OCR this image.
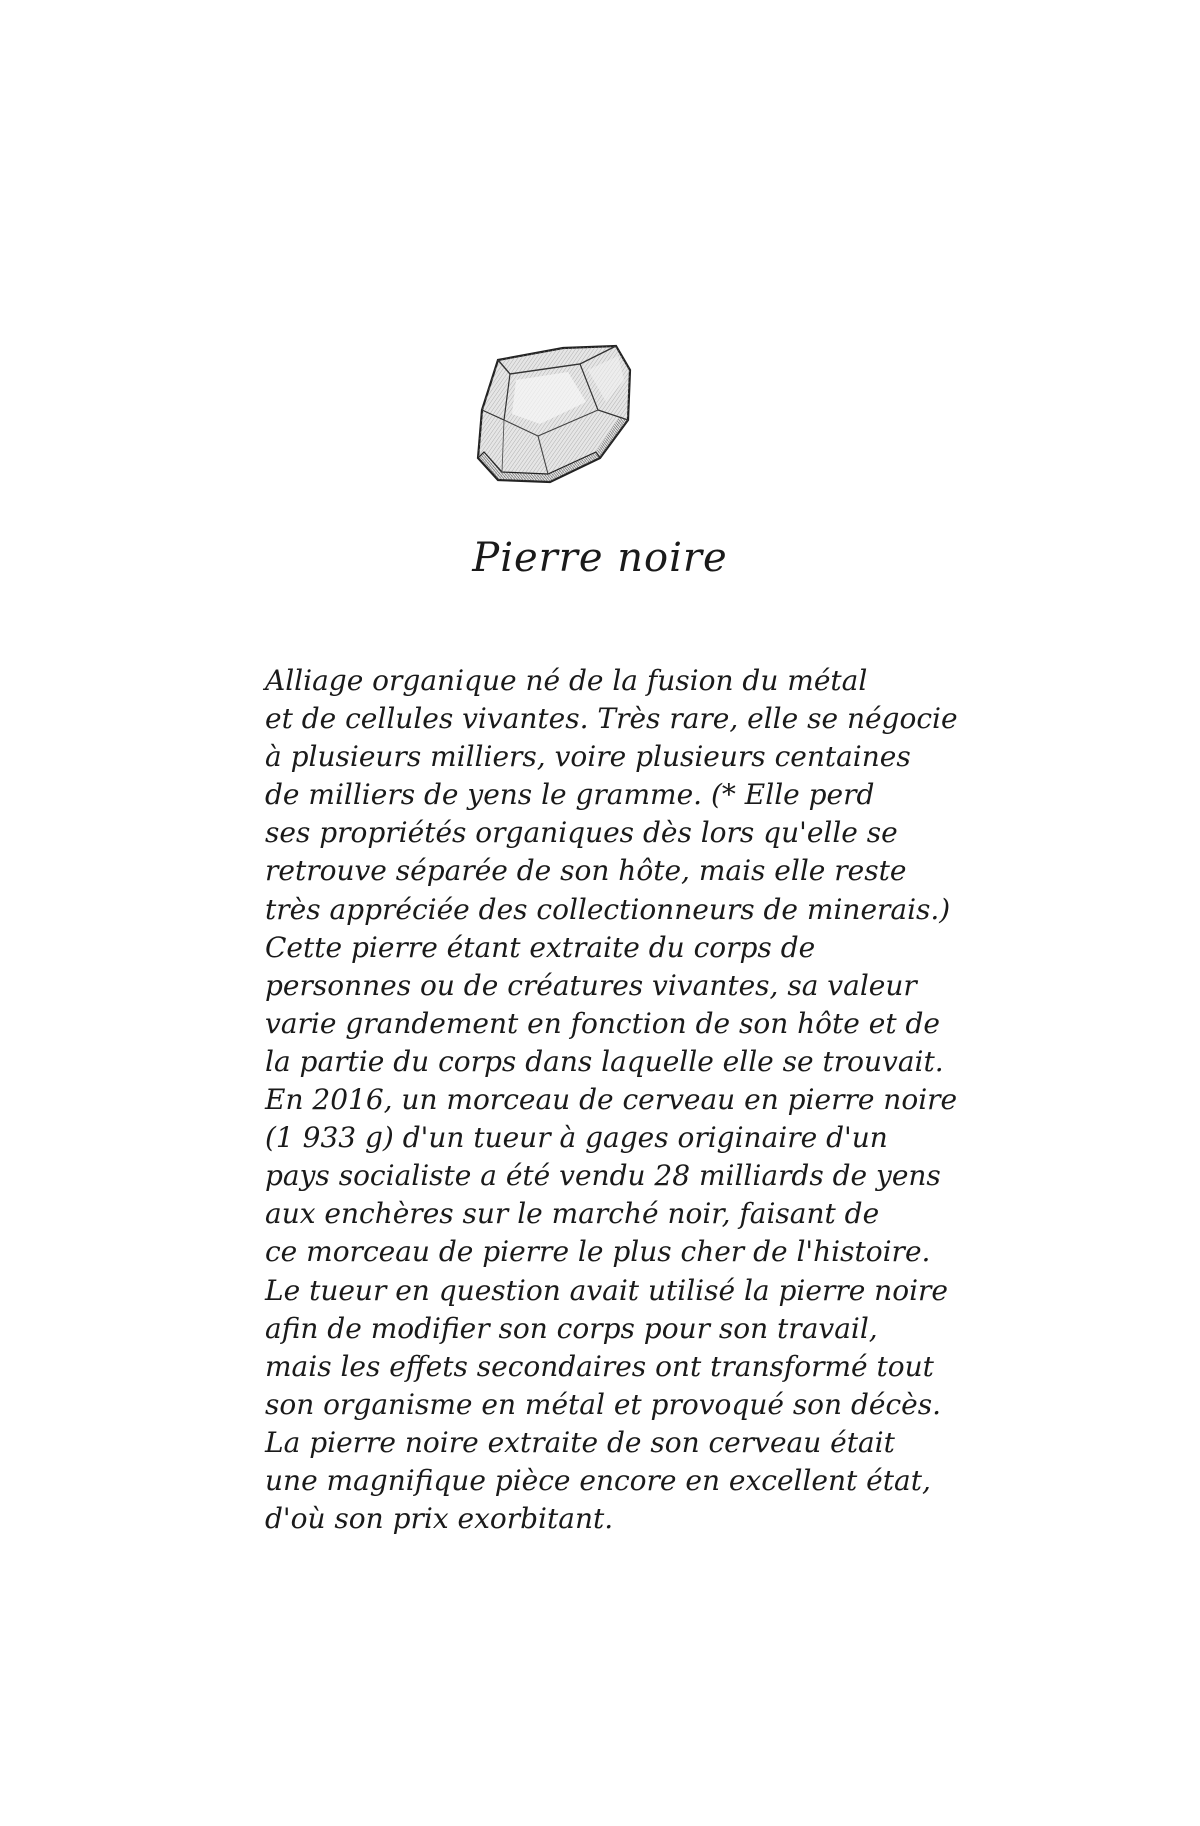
Pierre noire
Alliage organique né de la fusion du métal
et de cellules vivantes. Très rare, elle se négocie
à plusieurs milliers, voire plusieurs centaines
de milliers de yens le gramme. (* Elle perd
ses propriétés organiques dès lors qu'elle se
retrouve séparée de son hôte, mais elle reste
très appréciée des collectionneurs de minerais.)
Cette pierre étant extraite du corps de
personnes ou de créatures vivantes, sa valeur
varie grandement en fonction de son hôte et de
la partie du corps dans laquelle elle se trouvait.
En 2016, un morceau de cerveau en pierre noire
(1 933 g) d'un tueur à gages originaire d'un
pays socialiste a été vendu 28 milliards de yens
aux enchères sur le marché noir, faisant de
ce morceau de pierre le plus cher de l'histoire.
Le tueur en question avait utilisé la pierre noire
afin de modifier son corps pour son travail,
mais les effets secondaires ont transformé tout
son organisme en métal et provoqué son décès.
La pierre noire extraite de son cerveau était
une magnifique pièce encore en excellent état,
d'où son prix exorbitant.
